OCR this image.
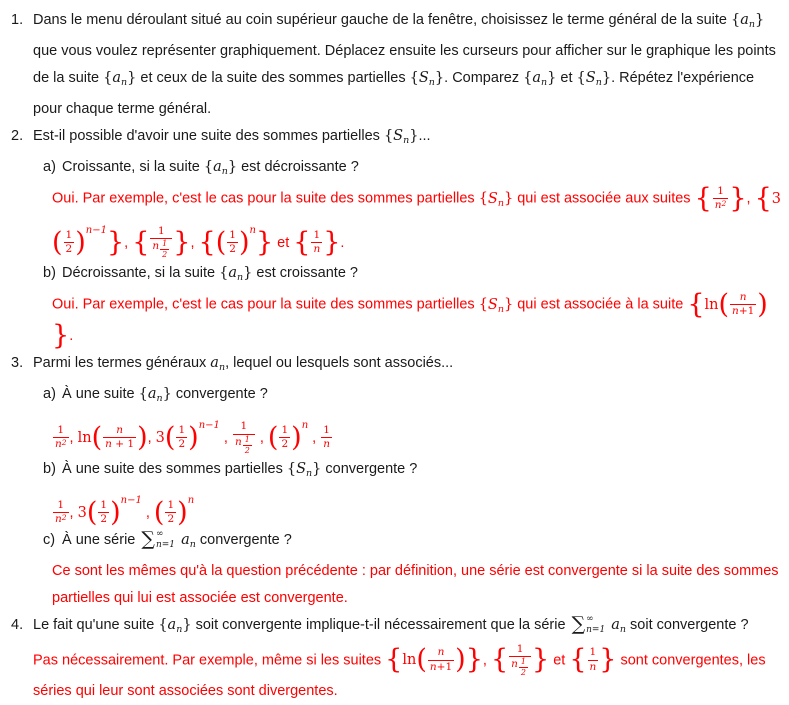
1. Dans le menu déroulant situé au coin supérieur gauche de la fenêtre, choisissez le terme général de la suite $\{a_n\}$ que vous voulez représenter graphiquement. Déplacez ensuite les curseurs pour afficher sur le graphique les points de la suite $\{a_n\}$ et ceux de la suite des sommes partielles $\{S_n\}$. Comparez $\{a_n\}$ et $\{S_n\}$. Répétez l'expérience pour chaque terme général.
2. Est-il possible d'avoir une suite des sommes partielles $\{S_n\}$...
a) Croissante, si la suite $\{a_n\}$ est décroissante ?
Oui. Par exemple, c'est le cas pour la suite des sommes partielles $\{S_n\}$ qui est associée aux suites { $\frac{1}{n2}$ }, $\{3( \frac{1}{2} )^{n-1}\}$, { $\frac{1}{n \frac{1}{2}}$ }, {( $\frac{1}{2} )^n$} et { $\frac{1}{n}$ }.
b) Décroissante, si la suite $\{a_n\}$ est croissante ?
Oui. Par exemple, c'est le cas pour la suite des sommes partielles $\{S_n\}$ qui est associée à la suite {$\ln( \frac{n}{n+1}$ )}.
3. Parmi les termes généraux $a_n$, lequel ou lesquels sont associés...
a) À une suite $\{a_n\}$ convergente ?
$\frac{1}{n2}$ , $\ln( \frac{n}{n + 1}$ ), $3( \frac{1}{2} )^{n-1}$ , $\frac{1}{n \frac{1}{2}}$ , ( $\frac{1}{2} )^n$ , $\frac{1}{n}$
b) À une suite des sommes partielles $\{S_n\}$ convergente ?
$\frac{1}{n2}$ , $3( \frac{1}{2} )^{n-1}$ , ( $\frac{1}{2} )^n$
c) À une série ∑ ∞
n=1 $a_n$ convergente ?
Ce sont les mêmes qu'à la question précédente : par définition, une série est convergente si la suite des sommes partielles qui lui est associée est convergente.
4. Le fait qu'une suite $\{a_n\}$ soit convergente implique-t-il nécessairement que la série ∑ ∞
n=1 $a_n$ soit convergente ?
Pas nécessairement. Par exemple, même si les suites {$\ln( \frac{n}{n+1}$ )}, { $\frac{1}{n \frac{1}{2}}$ } et { $\frac{1}{n}$ } sont convergentes, les séries qui leur sont associées sont divergentes.
